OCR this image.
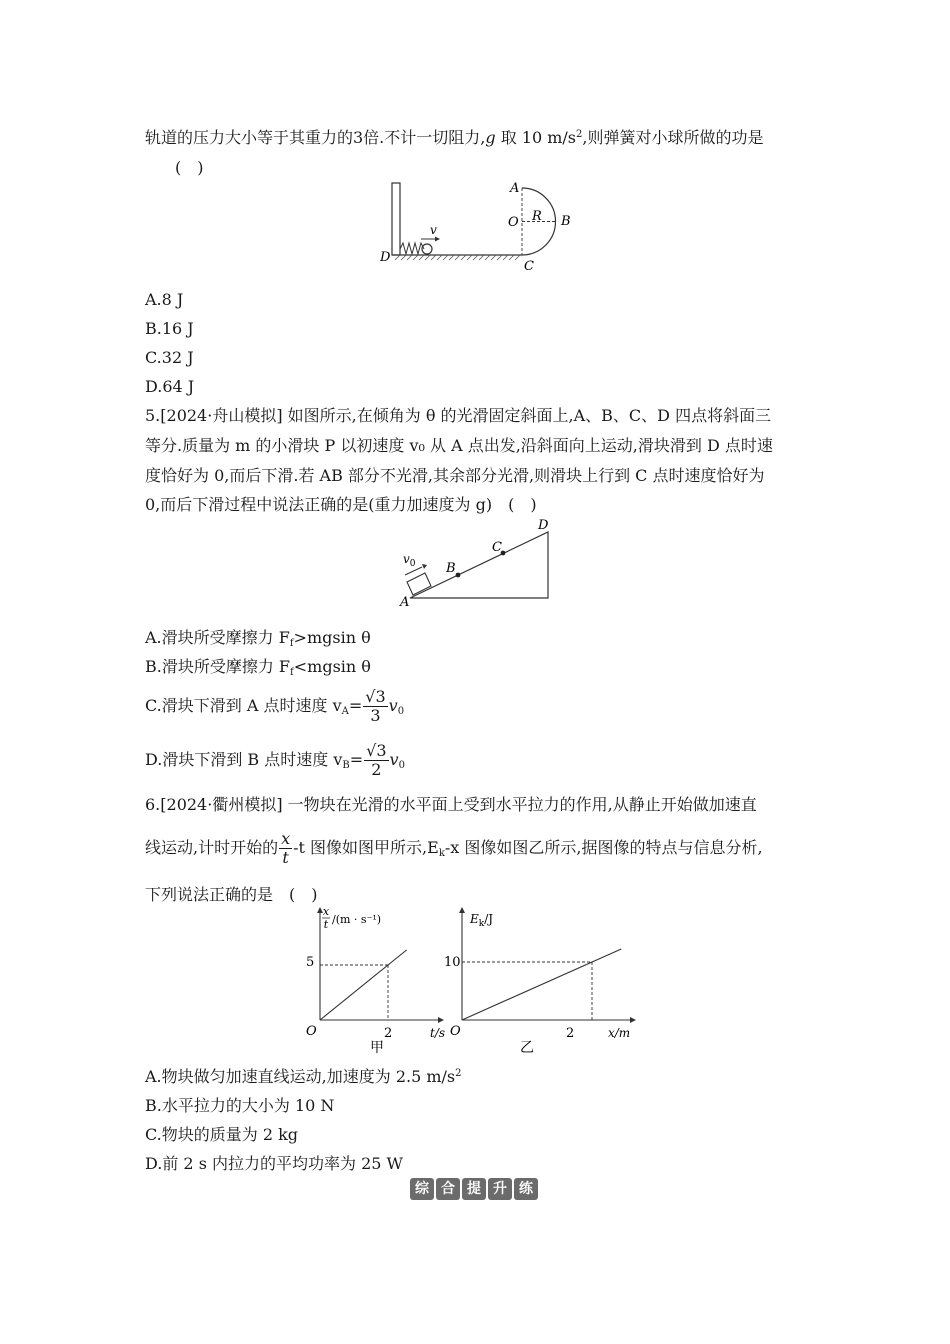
轨道的压力大小等于其重力的3倍.不计一切阻力,g 取 10 $m/s^2$,则弹簧对小球所做的功是
(　)
v
A
O R B
D
C
A.8 J
B.16 J
C.32 J
D.64 J
5.[2024·舟山模拟] 如图所示,在倾角为 θ 的光滑固定斜面上,A、B、C、D 四点将斜面三
等分.质量为 m 的小滑块 P 以初速度 v₀ 从 A 点出发,沿斜面向上运动,滑块滑到 D 点时速
度恰好为 0,而后下滑.若 AB 部分不光滑,其余部分光滑,则滑块上行到 C 点时速度恰好为
0,而后下滑过程中说法正确的是(重力加速度为 g)　(　)
$v_0$
A
B
C
D
A.滑块所受摩擦力 $F_f>mgsin$ θ
B.滑块所受摩擦力 $F_f<mgsin$ θ
C.滑块下滑到 A 点时速度 $v_A= \frac{√3}{3} v_0$
D.滑块下滑到 B 点时速度 $v_B= \frac{√3}{2} v_0$
6.[2024·衢州模拟] 一物块在光滑的水平面上受到水平拉力的作用,从静止开始做加速直
线运动,计时开始的 $\frac{x}{t} -t$ 图像如图甲所示$,E_k-x$ 图像如图乙所示,据图像的特点与信息分析,
下列说法正确的是　(　)
x
t /(m · s⁻¹)
5
2
O	t/s
甲
$E_k/J$
10
2
O	x/m
乙
A.物块做匀加速直线运动,加速度为 2.5 $m/s^2$
B.水平拉力的大小为 10 N
C.物块的质量为 2 kg
D.前 2 s 内拉力的平均功率为 25 W
综 合 提 升 练
